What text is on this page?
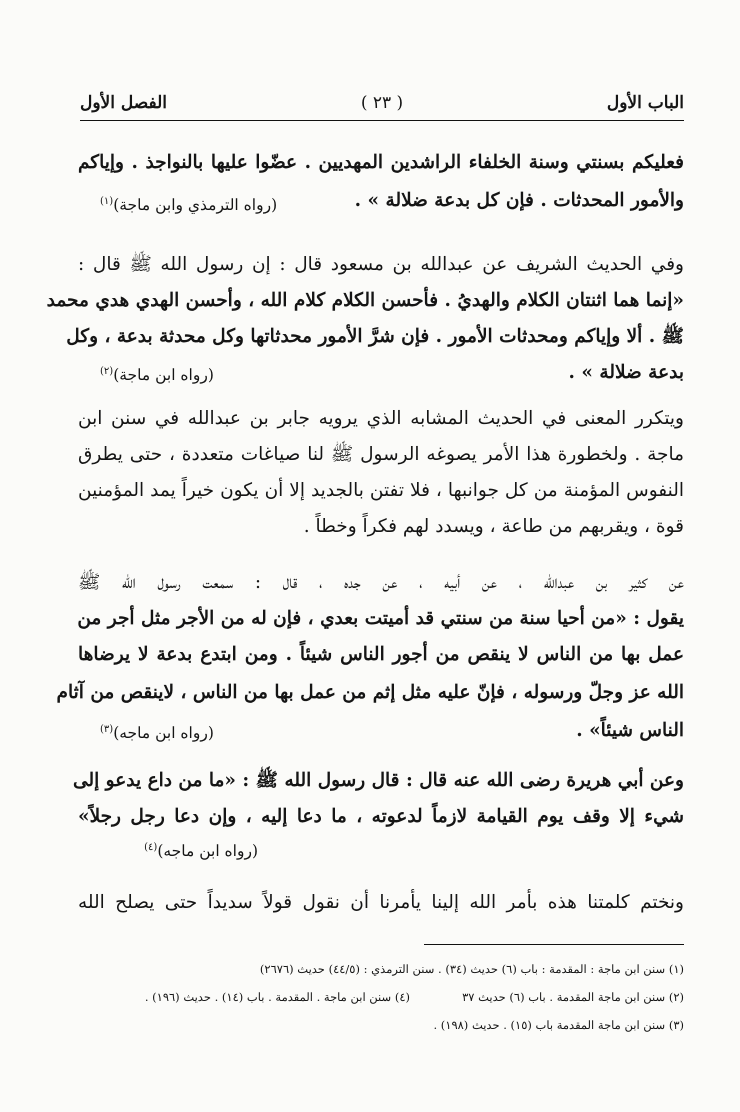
الباب الأول
( ٢٣ )
الفصل الأول
فعليكم بسنتي وسنة الخلفاء الراشدين المهديين . عضّوا عليها بالنواجذ . وإياكم
والأمور المحدثات . فإن كل بدعة ضلالة » .
(رواه الترمذي وابن ماجة)$^{(١)}$
وفي الحديث الشريف عن عبدالله بن مسعود قال : إن رسول الله ﷺ قال :
«إنما هما اثنتان الكلام والهديُ . فأحسن الكلام كلام الله ، وأحسن الهدي هدي محمد
ﷺ . ألا وإياكم ومحدثات الأمور . فإن شرَّ الأمور محدثاتها وكل محدثة بدعة ، وكل
بدعة ضلالة » .
(رواه ابن ماجة)$^{(٢)}$
ويتكرر المعنى في الحديث المشابه الذي يرويه جابر بن عبدالله في سنن ابن
ماجة . ولخطورة هذا الأمر يصوغه الرسول ﷺ لنا صياغات متعددة ، حتى يطرق
النفوس المؤمنة من كل جوانبها ، فلا تفتن بالجديد إلا أن يكون خيراً يمد المؤمنين
قوة ، ويقربهم من طاعة ، ويسدد لهم فكراً وخطاً .
عن كثير بن عبدالله ، عن أبيه ، عن جده ، قال : سمعت رسول الله ﷺ
يقول : «من أحيا سنة من سنتي قد أميتت بعدي ، فإن له من الأجر مثل أجر من
عمل بها من الناس لا ينقص من أجور الناس شيئاً . ومن ابتدع بدعة لا يرضاها
الله عز وجلّ ورسوله ، فإنّ عليه مثل إثم من عمل بها من الناس ، لاينقص من آثام
الناس شيئاً» .
(رواه ابن ماجه)$^{(٣)}$
وعن أبي هريرة رضى الله عنه قال : قال رسول الله ﷺ : «ما من داع يدعو إلى
شيء إلا وقف يوم القيامة لازماً لدعوته ، ما دعا إليه ، وإن دعا رجل رجلاً»
(رواه ابن ماجه)$^{(٤)}$
ونختم كلمتنا هذه بأمر الله إلينا يأمرنا أن نقول قولاً سديداً حتى يصلح الله
(١) سنن ابن ماجة : المقدمة : باب (٦) حديث (٣٤) . سنن الترمذي : (٤٤/٥) حديث (٢٦٧٦)
(٢) سنن ابن ماجة المقدمة . باب (٦) حديث ٣٧
(٤) سنن ابن ماجة . المقدمة . باب (١٤) . حديث (١٩٦) .
(٣) سنن ابن ماجة المقدمة باب (١٥) . حديث (١٩٨) .
